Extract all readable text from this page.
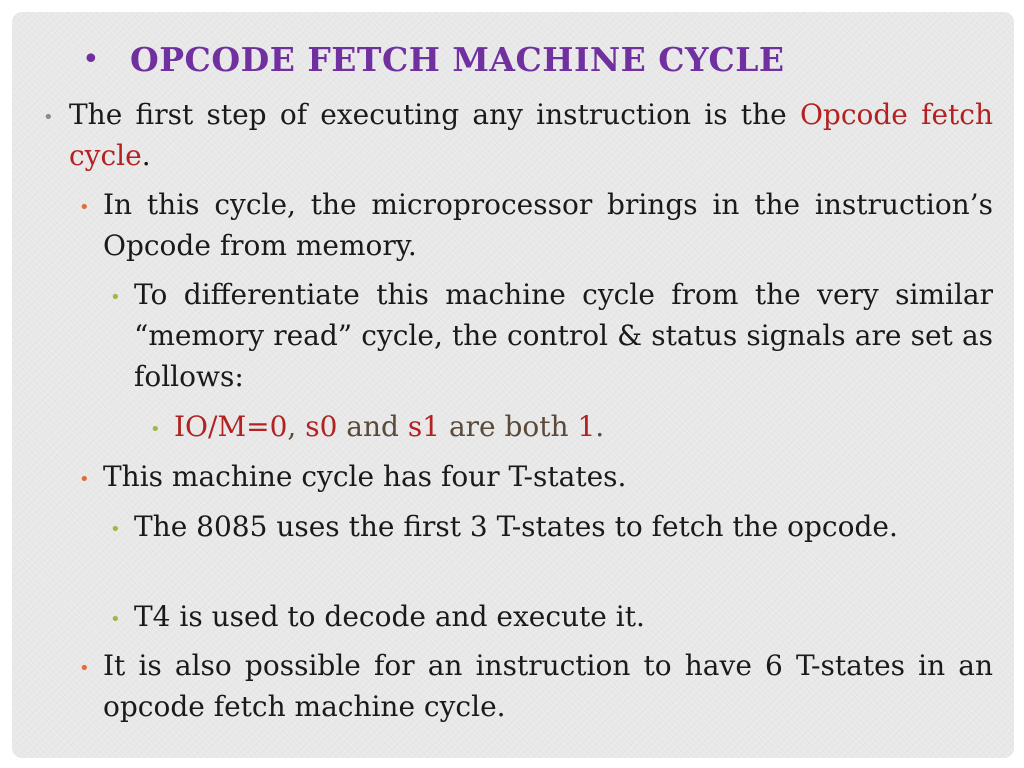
• OPCODE FETCH MACHINE CYCLE
• The first step of executing any instruction is the Opcode fetch cycle.
• In this cycle, the microprocessor brings in the instruction’s Opcode from memory.
• To differentiate this machine cycle from the very similar “memory read” cycle, the control & status signals are set as follows:
• IO/M=0, s0 and s1 are both 1.
• This machine cycle has four T-states.
• The 8085 uses the first 3 T-states to fetch the opcode.
• T4 is used to decode and execute it.
• It is also possible for an instruction to have 6 T-states in an opcode fetch machine cycle.
